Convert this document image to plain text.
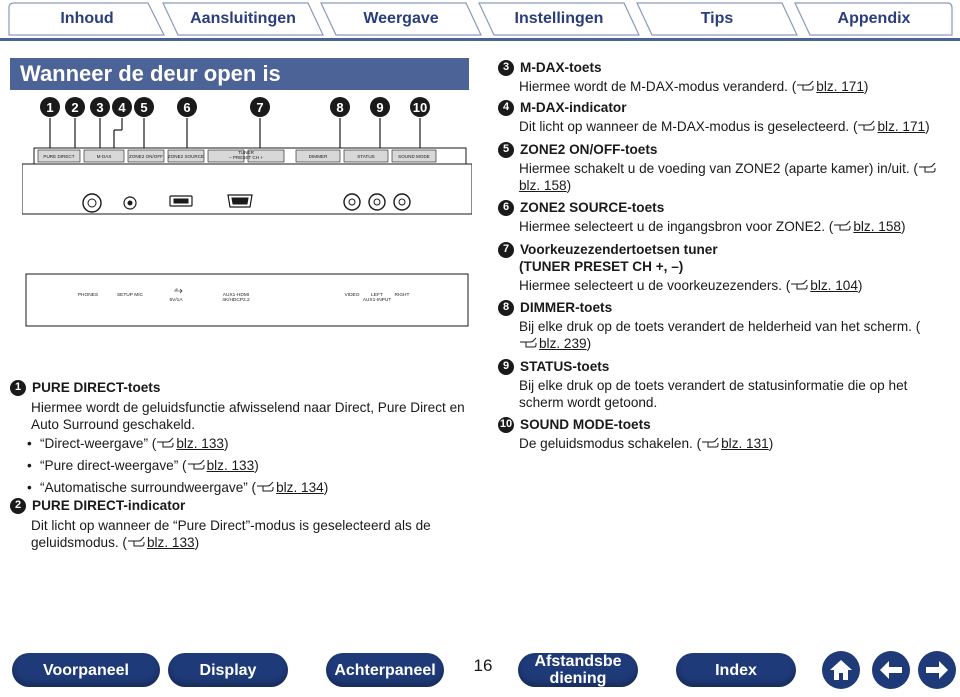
Inhoud	Aansluitingen	Weergave	Instellingen	Tips	Appendix
Wanneer de deur open is
1	2	3	4	5	6	7	8	9	10
PURE DIRECT	M-DAX	ZONE2 ON/OFF ZONE2 SOURCE
TUNER
– PRESET CH +	DIMMER	STATUS	SOUND MODE
PHONES	SETUP MIC
5V/1A
AUX1-HDMI
4K/HDCP2.2
VIDEO LEFT RIGHT
AUX1-INPUT
1 PURE DIRECT-toets
Hiermee wordt de geluidsfunctie afwisselend naar Direct, Pure Direct en Auto Surround geschakeld.
• “Direct-weergave” ( blz. 133)
• “Pure direct-weergave” ( blz. 133)
• “Automatische surroundweergave” ( blz. 134)
2 PURE DIRECT-indicator
Dit licht op wanneer de “Pure Direct”-modus is geselecteerd als de geluidsmodus. ( blz. 133)
3 M-DAX-toets
Hiermee wordt de M-DAX-modus veranderd. ( blz. 171)
4 M-DAX-indicator
Dit licht op wanneer de M-DAX-modus is geselecteerd. ( blz. 171)
5 ZONE2 ON/OFF-toets
Hiermee schakelt u de voeding van ZONE2 (aparte kamer) in/uit. (blz. 158)
6 ZONE2 SOURCE-toets
Hiermee selecteert u de ingangsbron voor ZONE2. ( blz. 158)
7 Voorkeuzezendertoetsen tuner
(TUNER PRESET CH +, –)
Hiermee selecteert u de voorkeuzezenders. ( blz. 104)
8 DIMMER-toets
Bij elke druk op de toets verandert de helderheid van het scherm. (blz. 239)
9 STATUS-toets
Bij elke druk op de toets verandert de statusinformatie die op het scherm wordt getoond.
10 SOUND MODE-toets
De geluidsmodus schakelen. ( blz. 131)
Voorpaneel	Display	Achterpaneel	16	Afstandsbediening	Index
